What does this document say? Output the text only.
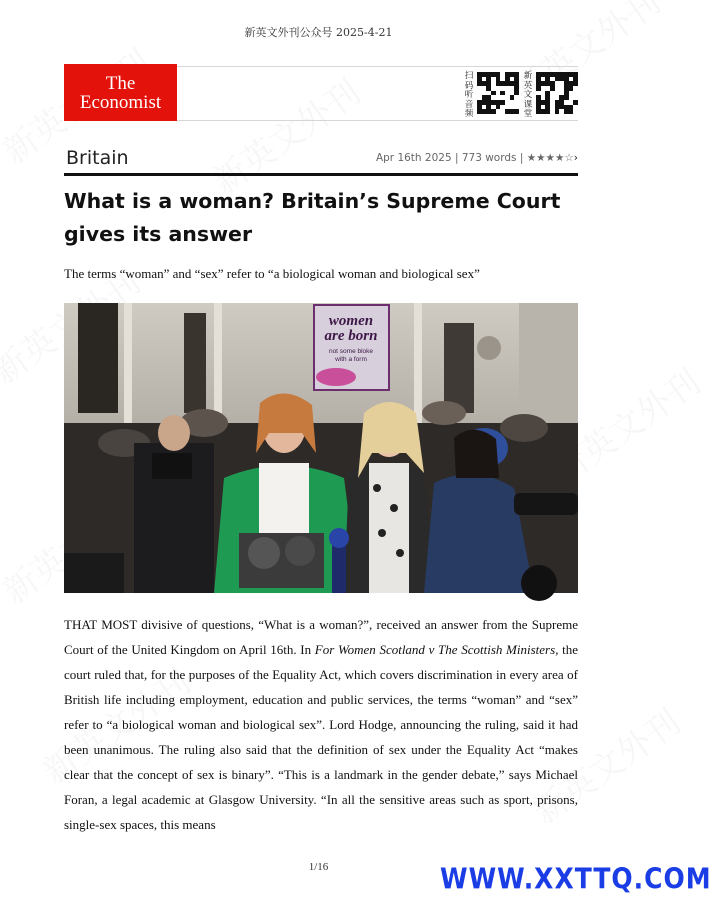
新英文外刊公众号 2025-4-21
The
Economist
扫
码
听
音
频
新
英
文
课
堂
Britain	Apr 16th 2025 | 773 words | ★★★★☆›
What is a woman? Britain’s Supreme Court gives its answer
The terms “woman” and “sex” refer to “a biological woman and biological sex”
women
are born
not some bloke
with a form

THAT MOST divisive of questions, “What is a woman?”, received an answer from the Supreme Court of the United Kingdom on April 16th. In For Women Scotland v The Scottish Ministers, the court ruled that, for the purposes of the Equality Act, which covers discrimination in every area of British life including employment, education and public services, the terms “woman” and “sex” refer to “a biological woman and biological sex”. Lord Hodge, announcing the ruling, said it had been unanimous. The ruling also said that the definition of sex under the Equality Act “makes clear that the concept of sex is binary”. “This is a landmark in the gender debate,” says Michael Foran, a legal academic at Glasgow University. “In all the sensitive areas such as sport, prisons, single-sex spaces, this means

1/16	WWW.XXTTQ.COM
